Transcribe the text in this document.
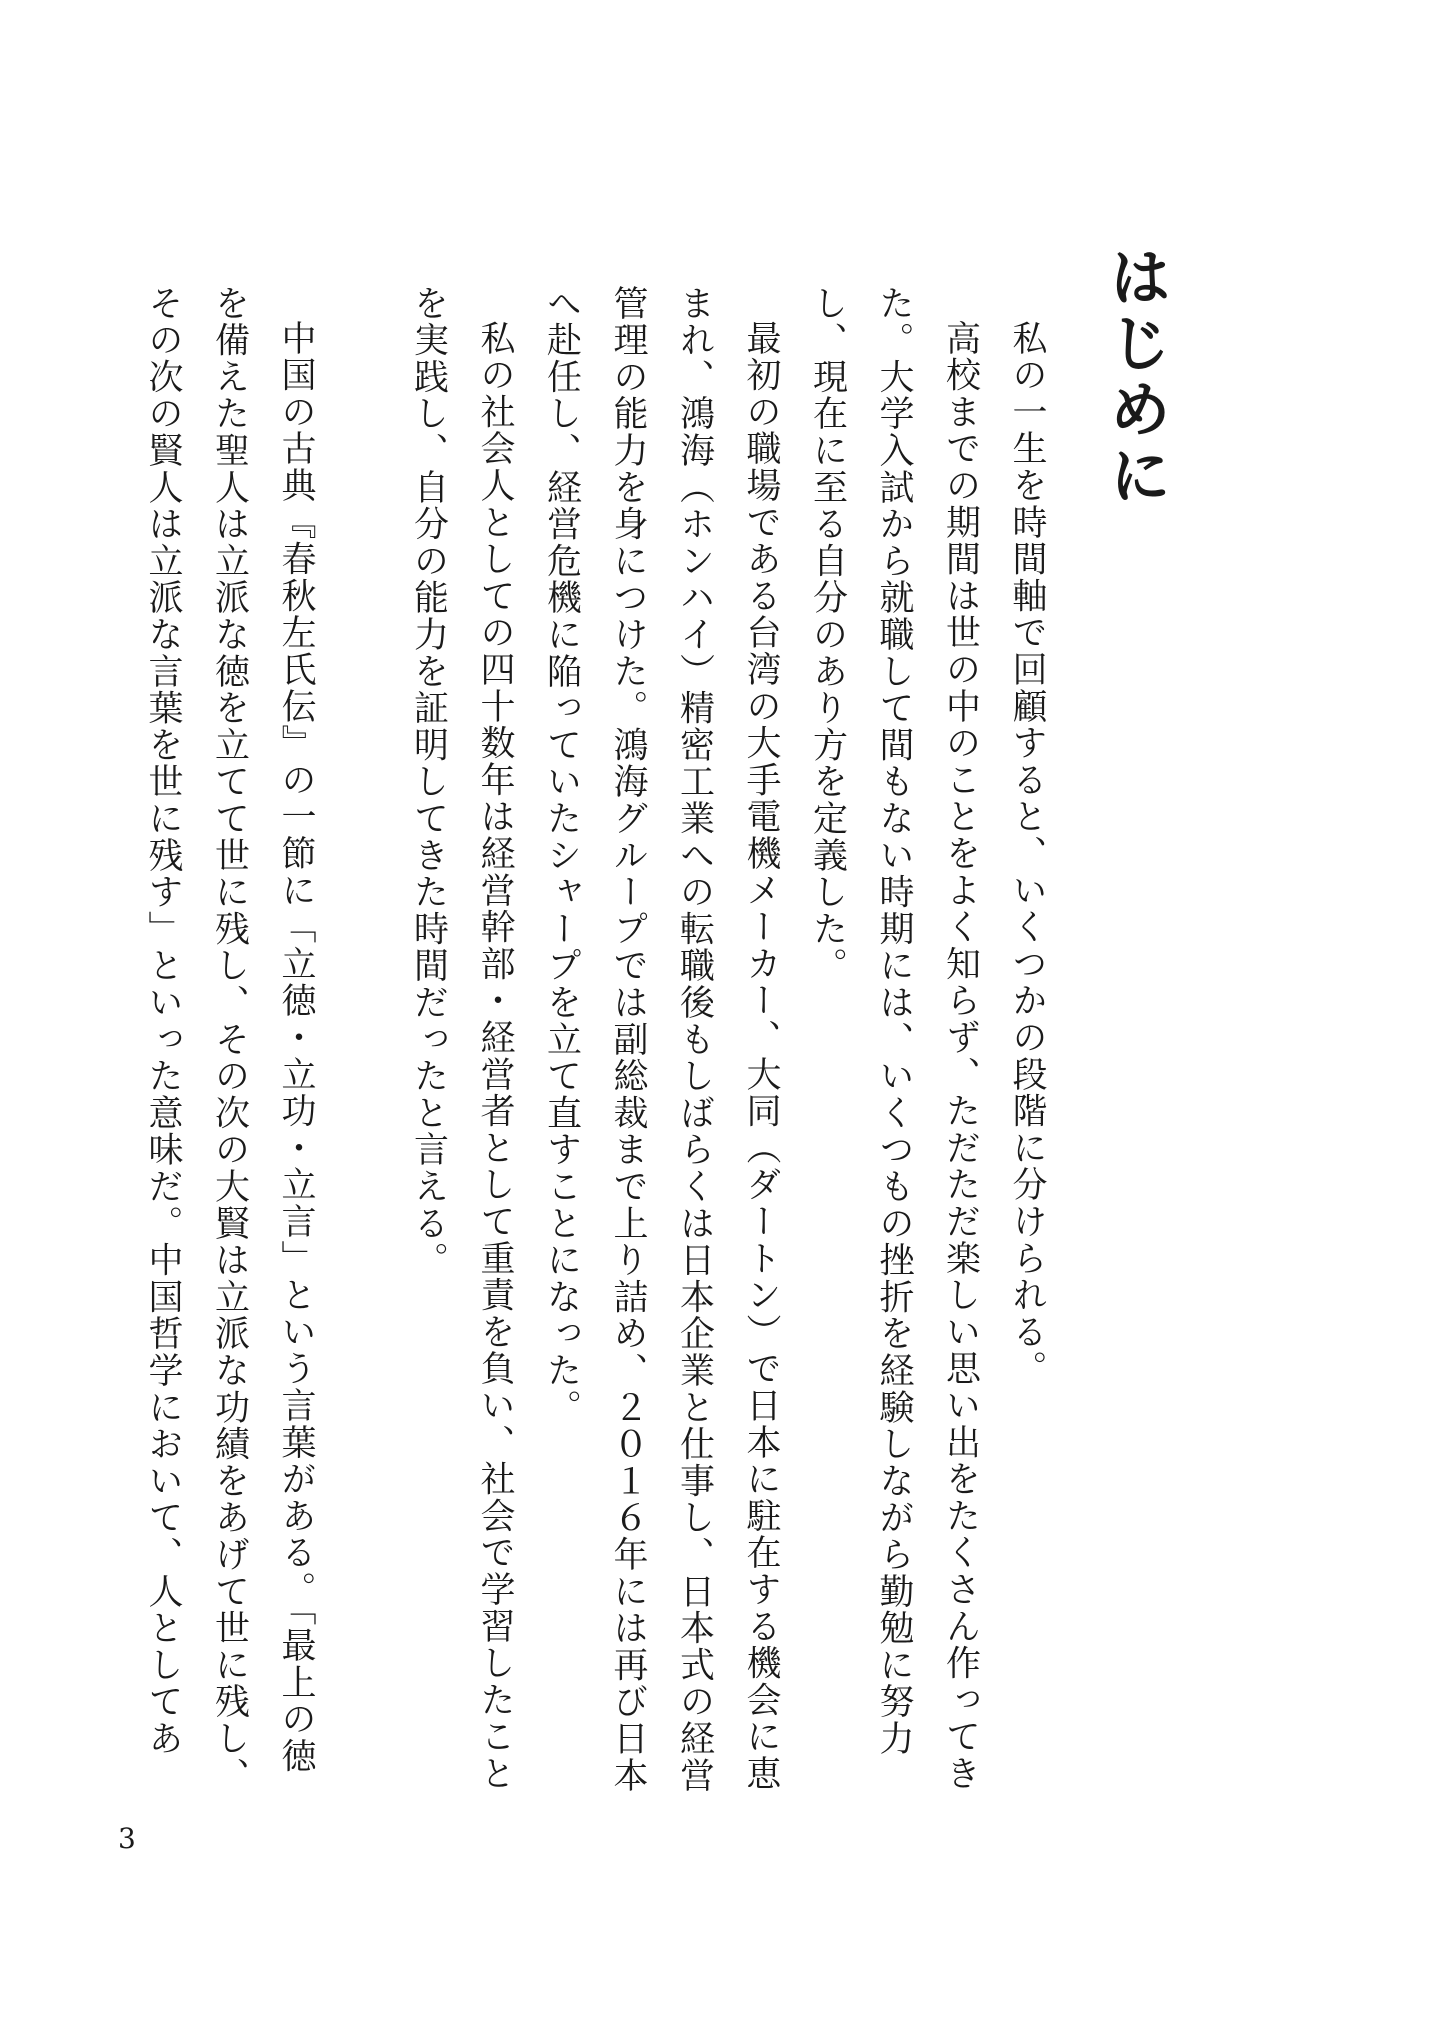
はじめに

私の一生を時間軸で回顧すると、いくつかの段階に分けられる。

高校までの期間は世の中のことをよく知らず、ただただ楽しい思い出をたくさん作ってきた。大学入試から就職して間もない時期には、いくつもの挫折を経験しながら勤勉に努力し、現在に至る自分のあり方を定義した。

最初の職場である台湾の大手電機メーカー、大同（ダートン）で日本に駐在する機会に恵まれ、鴻海（ホンハイ）精密工業への転職後もしばらくは日本企業と仕事し、日本式の経営管理の能力を身につけた。鴻海グループでは副総裁まで上り詰め、２０１６年には再び日本へ赴任し、経営危機に陥っていたシャープを立て直すことになった。

私の社会人としての四十数年は経営幹部・経営者として重責を負い、社会で学習したことを実践し、自分の能力を証明してきた時間だったと言える。

中国の古典『春秋左氏伝』の一節に「立徳・立功・立言」という言葉がある。「最上の徳を備えた聖人は立派な徳を立てて世に残し、その次の大賢は立派な功績をあげて世に残し、その次の賢人は立派な言葉を世に残す」といった意味だ。中国哲学において、人としてあ

3
